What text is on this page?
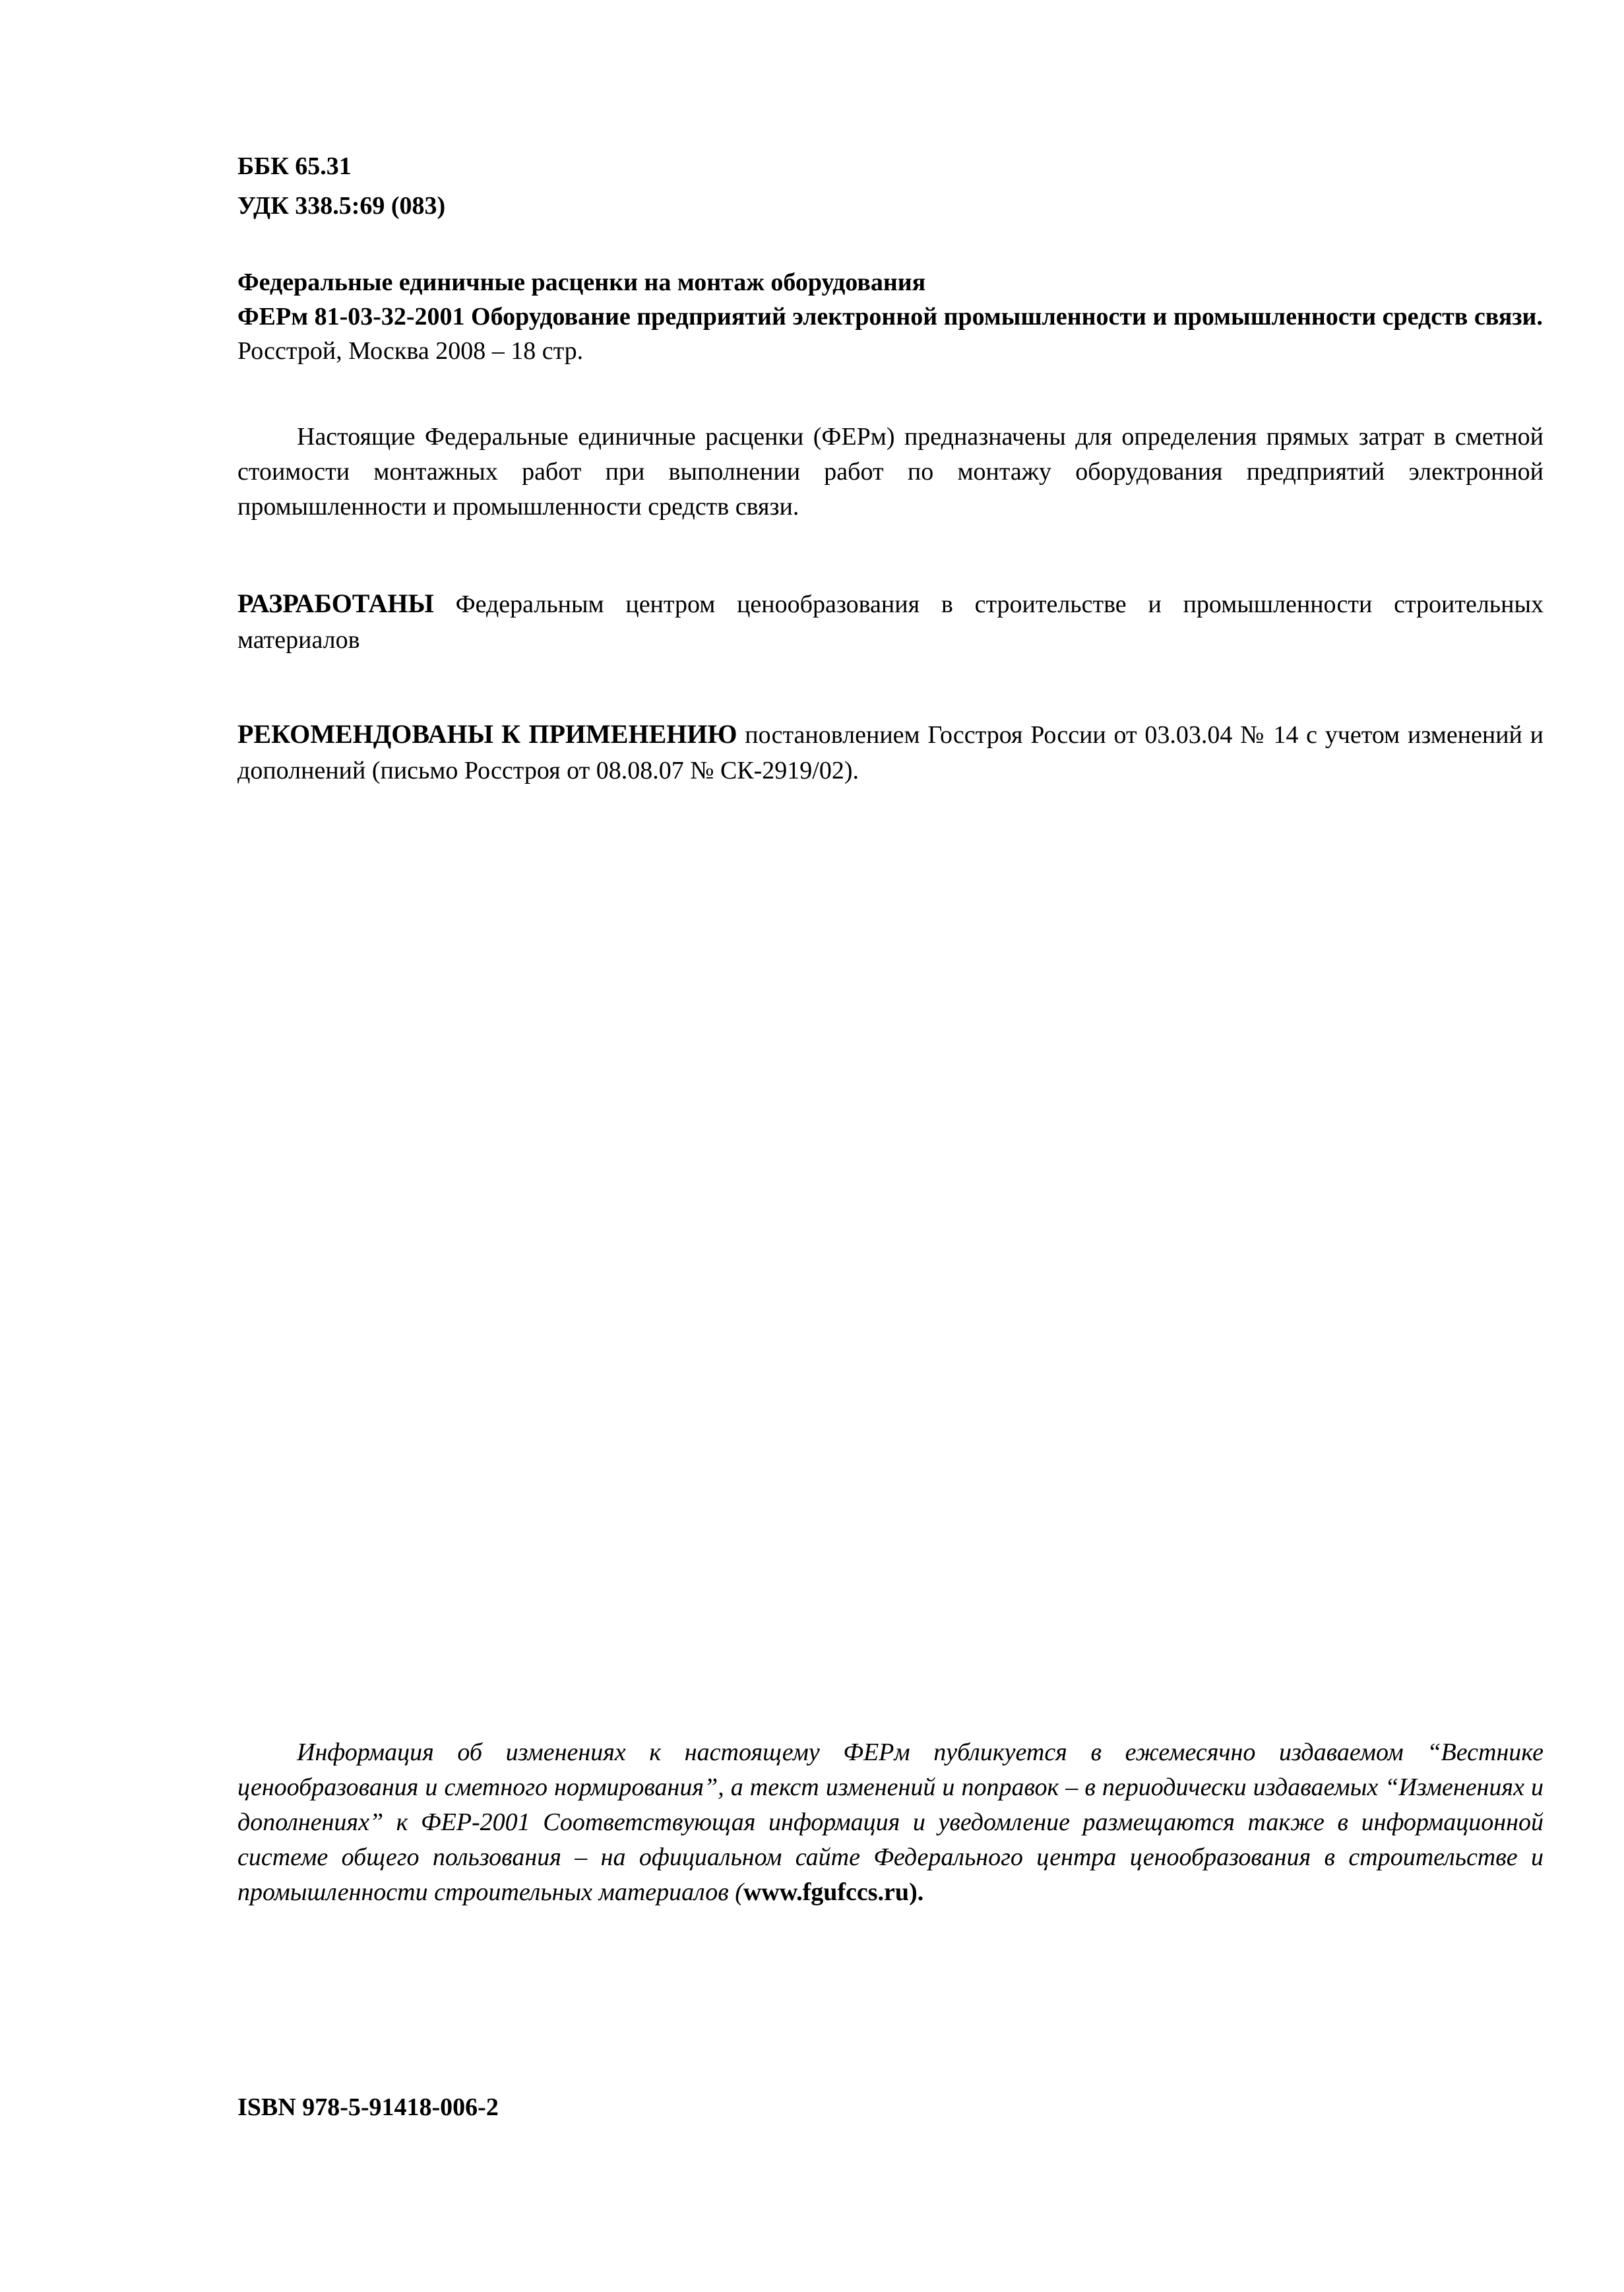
ББК 65.31
УДК 338.5:69 (083)
Федеральные единичные расценки на монтаж оборудования
ФЕРм 81-03-32-2001 Оборудование предприятий электронной промышленности и промышленности средств связи.
Росстрой, Москва 2008 – 18 стр.
Настоящие Федеральные единичные расценки (ФЕРм) предназначены для определения прямых затрат в сметной стоимости монтажных работ при выполнении работ по монтажу оборудования предприятий электронной промышленности и промышленности средств связи.
РАЗРАБОТАНЫ Федеральным центром ценообразования в строительстве и промышленности строительных материалов
РЕКОМЕНДОВАНЫ К ПРИМЕНЕНИЮ постановлением Госстроя России от 03.03.04 № 14 с учетом изменений и дополнений (письмо Росстроя от 08.08.07 № СК-2919/02).
Информация об изменениях к настоящему ФЕРм публикуется в ежемесячно издаваемом “Вестнике ценообразования и сметного нормирования”, а текст изменений и поправок – в периодически издаваемых “Изменениях и дополнениях” к ФЕР-2001 Соответствующая информация и уведомление размещаются также в информационной системе общего пользования – на официальном сайте Федерального центра ценообразования в строительстве и промышленности строительных материалов (www.fgufccs.ru).
ISBN 978-5-91418-006-2
